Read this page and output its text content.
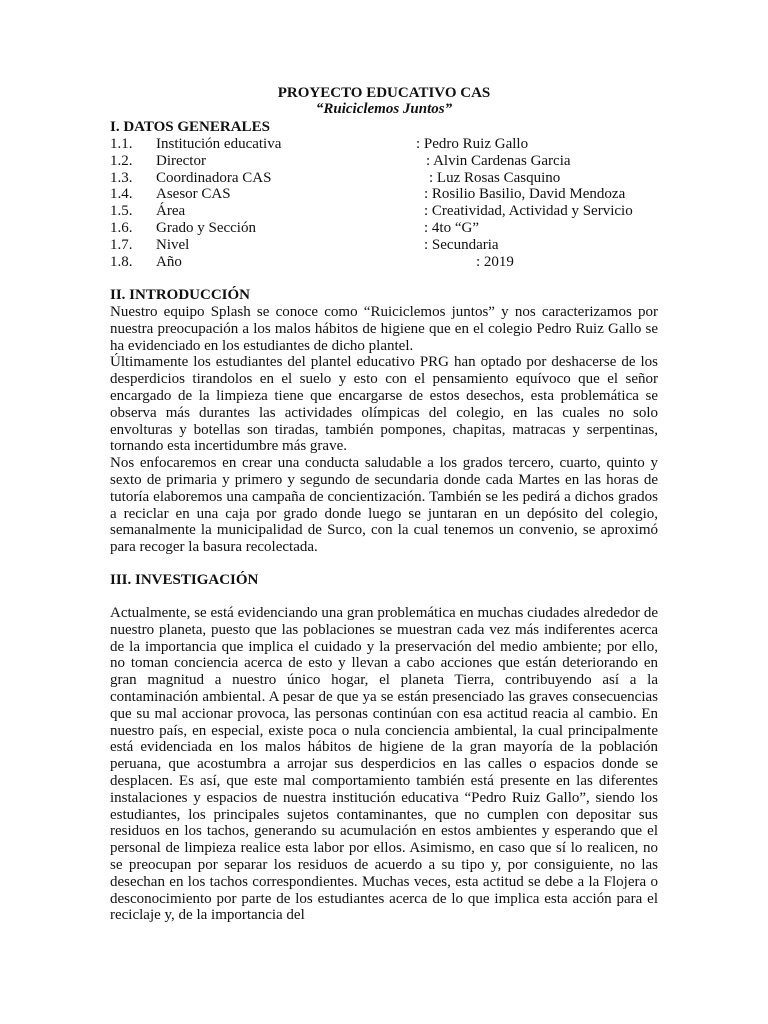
PROYECTO EDUCATIVO CAS
“Ruiciclemos Juntos”
I. DATOS GENERALES
1.1. Institución educativa	: Pedro Ruiz Gallo
1.2. Director	: Alvin Cardenas Garcia
1.3. Coordinadora CAS	: Luz Rosas Casquino
1.4. Asesor CAS	: Rosilio Basilio, David Mendoza
1.5. Área	: Creatividad, Actividad y Servicio
1.6. Grado y Sección	: 4to “G”
1.7. Nivel	: Secundaria
1.8. Año	: 2019
II. INTRODUCCIÓN

Nuestro equipo Splash se conoce como “Ruiciclemos juntos” y nos caracterizamos por nuestra preocupación a los malos hábitos de higiene que en el colegio Pedro Ruiz Gallo se ha evidenciado en los estudiantes de dicho plantel.

Últimamente los estudiantes del plantel educativo PRG han optado por deshacerse de los desperdicios tirandolos en el suelo y esto con el pensamiento equívoco que el señor encargado de la limpieza tiene que encargarse de estos desechos, esta problemática se observa más durantes las actividades olímpicas del colegio, en las cuales no solo envolturas y botellas son tiradas, también pompones, chapitas, matracas y serpentinas, tornando esta incertidumbre más grave.

Nos enfocaremos en crear una conducta saludable a los grados tercero, cuarto, quinto y sexto de primaria y primero y segundo de secundaria donde cada Martes en las horas de tutoría elaboremos una campaña de concientización. También se les pedirá a dichos grados a reciclar en una caja por grado donde luego se juntaran en un depósito del colegio, semanalmente la municipalidad de Surco, con la cual tenemos un convenio, se aproximó para recoger la basura recolectada.

III. INVESTIGACIÓN

Actualmente, se está evidenciando una gran problemática en muchas ciudades alrededor de nuestro planeta, puesto que las poblaciones se muestran cada vez más indiferentes acerca de la importancia que implica el cuidado y la preservación del medio ambiente; por ello, no toman conciencia acerca de esto y llevan a cabo acciones que están deteriorando en gran magnitud a nuestro único hogar, el planeta Tierra, contribuyendo así a la contaminación ambiental. A pesar de que ya se están presenciado las graves consecuencias que su mal accionar provoca, las personas continúan con esa actitud reacia al cambio. En nuestro país, en especial, existe poca o nula conciencia ambiental, la cual principalmente está evidenciada en los malos hábitos de higiene de la gran mayoría de la población peruana, que acostumbra a arrojar sus desperdicios en las calles o espacios donde se desplacen. Es así, que este mal comportamiento también está presente en las diferentes instalaciones y espacios de nuestra institución educativa “Pedro Ruiz Gallo”, siendo los estudiantes, los principales sujetos contaminantes, que no cumplen con depositar sus residuos en los tachos, generando su acumulación en estos ambientes y esperando que el personal de limpieza realice esta labor por ellos. Asimismo, en caso que sí lo realicen, no se preocupan por separar los residuos de acuerdo a su tipo y, por consiguiente, no las desechan en los tachos correspondientes. Muchas veces, esta actitud se debe a la Flojera o desconocimiento por parte de los estudiantes acerca de lo que implica esta acción para el reciclaje y, de la importancia del
